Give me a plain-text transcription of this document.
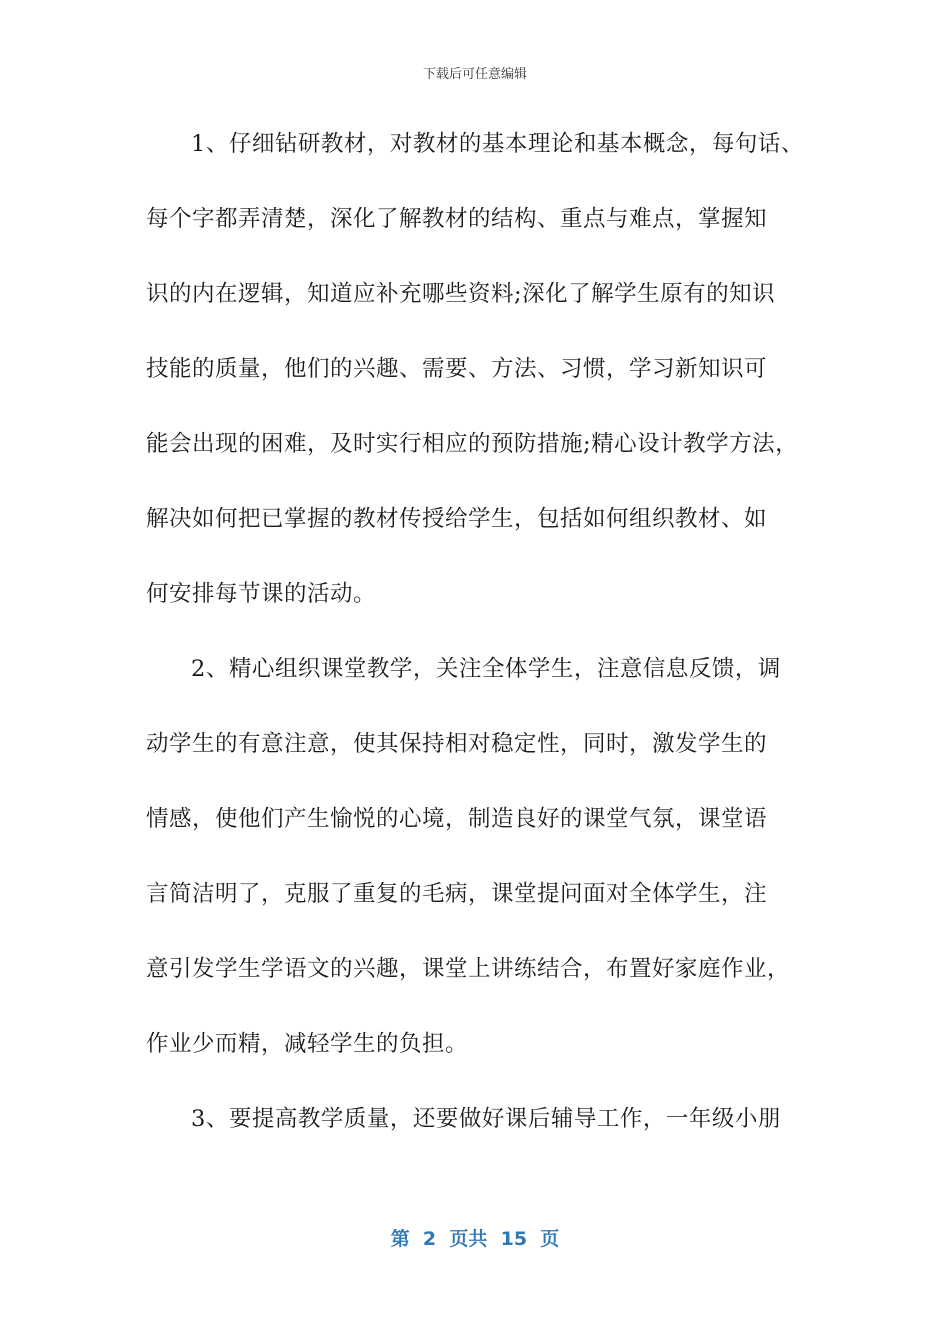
下载后可任意编辑
1、仔细钻研教材，对教材的基本理论和基本概念，每句话、
每个字都弄清楚，深化了解教材的结构、重点与难点，掌握知
识的内在逻辑，知道应补充哪些资料;深化了解学生原有的知识
技能的质量，他们的兴趣、需要、方法、习惯，学习新知识可
能会出现的困难，及时实行相应的预防措施;精心设计教学方法，
解决如何把已掌握的教材传授给学生，包括如何组织教材、如
何安排每节课的活动。
2、精心组织课堂教学，关注全体学生，注意信息反馈，调
动学生的有意注意，使其保持相对稳定性，同时，激发学生的
情感，使他们产生愉悦的心境，制造良好的课堂气氛，课堂语
言简洁明了，克服了重复的毛病，课堂提问面对全体学生，注
意引发学生学语文的兴趣，课堂上讲练结合，布置好家庭作业，
作业少而精，减轻学生的负担。
3、要提高教学质量，还要做好课后辅导工作，一年级小朋
第  2  页共  15  页
